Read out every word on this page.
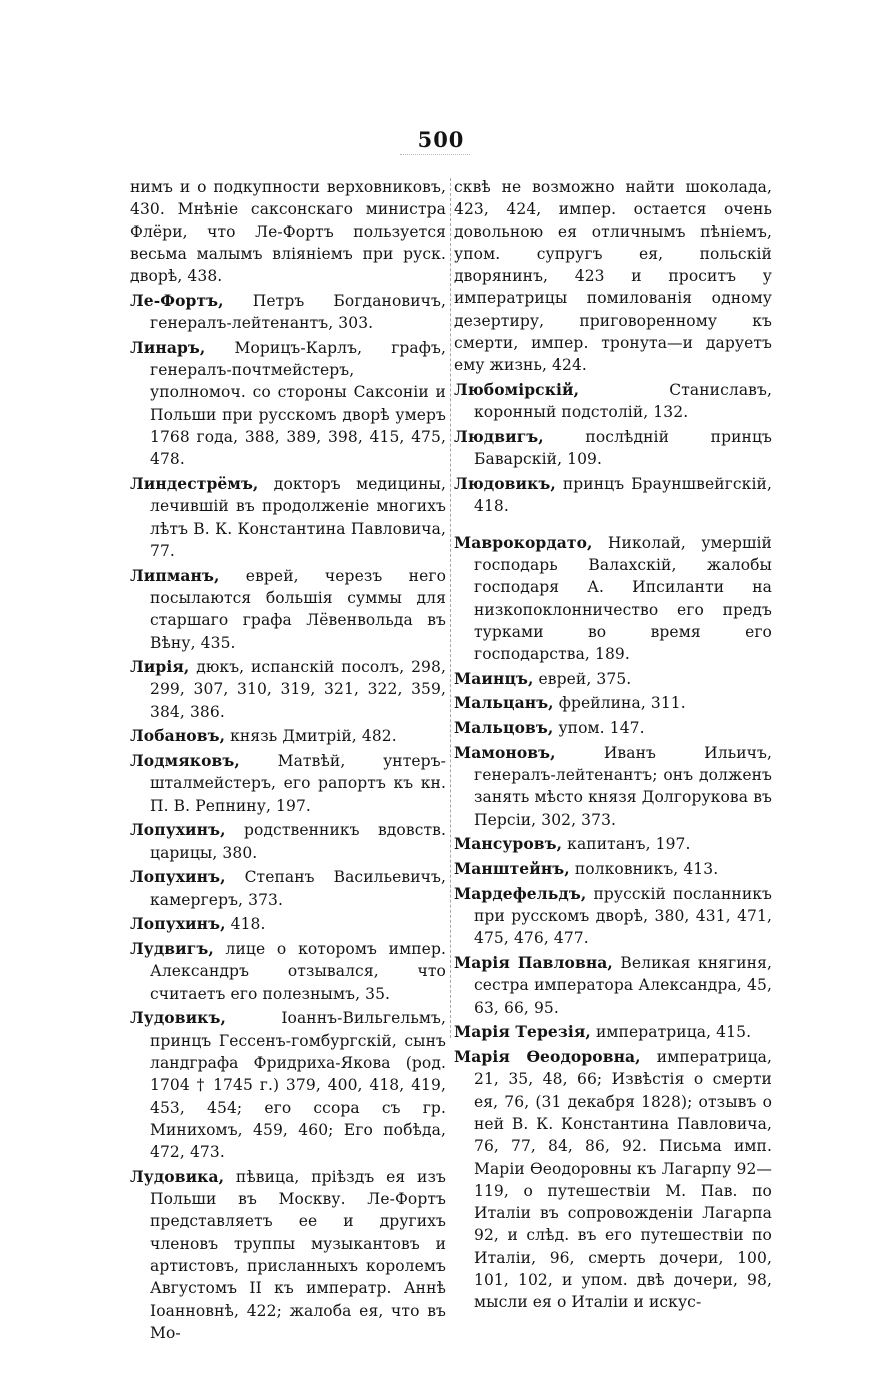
500
нимъ и о подкупности верховниковъ, 430. Мнѣніе саксонскаго министра Флёри, что Ле-Фортъ пользуется весьма малымъ вліяніемъ при руск. дворѣ, 438.
Ле-Фортъ, Петръ Богдановичъ, генералъ-лейтенантъ, 303.
Линаръ, Морицъ-Карлъ, графъ, генералъ-почтмейстеръ, уполномоч. со стороны Саксоніи и Польши при русскомъ дворѣ умеръ 1768 года, 388, 389, 398, 415, 475, 478.
Линдестрёмъ, докторъ медицины, лечившій въ продолженіе многихъ лѣтъ В. К. Константина Павловича, 77.
Липманъ, еврей, черезъ него посылаются большія суммы для старшаго графа Лёвенвольда въ Вѣну, 435.
Лирія, дюкъ, испанскій посолъ, 298, 299, 307, 310, 319, 321, 322, 359, 384, 386.
Лобановъ, князь Дмитрій, 482.
Лодмяковъ, Матвѣй, унтеръ-шталмейстеръ, его рапортъ къ кн. П. В. Репнину, 197.
Лопухинъ, родственникъ вдовств. царицы, 380.
Лопухинъ, Степанъ Васильевичъ, камергеръ, 373.
Лопухинъ, 418.
Лудвигъ, лице о которомъ импер. Александръ отзывался, что считаетъ его полезнымъ, 35.
Лудовикъ,	Іоаннъ-Вильгельмъ, принцъ Гессенъ-гомбургскій, сынъ ландграфа Фридриха-Якова (род. 1704 † 1745 г.) 379, 400, 418, 419, 453, 454; его ссора съ гр. Минихомъ, 459, 460; Его побѣда, 472, 473.
Лудовика, пѣвица, пріѣздъ ея изъ Польши въ Москву. Ле-Фортъ представляетъ ее и другихъ членовъ труппы музыкантовъ и артистовъ, присланныхъ королемъ Августомъ II къ императр. Аннѣ Іоанновнѣ, 422; жалоба ея, что въ Мо-
сквѣ не возможно найти шоколада, 423, 424, импер. остается очень довольною ея отличнымъ пѣніемъ, упом. супругъ ея, польскій дворянинъ, 423 и проситъ у императрицы помилованія одному дезертиру, приговоренному къ смерти, импер. тронута—и даруетъ ему жизнь, 424.
Любомірскій,	Станиславъ, коронный подстолій, 132.
Людвигъ,	послѣдній принцъ Баварскій, 109.
Людовикъ, принцъ Брауншвейгскій, 418.
Маврокордато, Николай, умершій господарь Валахскій, жалобы господаря А. Ипсиланти на низкопоклонничество его предъ турками во время его господарства, 189.
Маинцъ, еврей, 375.
Мальцанъ, фрейлина, 311.
Мальцовъ, упом. 147.
Мамоновъ,	Иванъ Ильичъ, генералъ-лейтенантъ; онъ долженъ занять мѣсто князя Долгорукова въ Персіи, 302, 373.
Мансуровъ, капитанъ, 197.
Манштейнъ, полковникъ, 413.
Мардефельдъ, прусскій посланникъ при русскомъ дворѣ, 380, 431, 471, 475, 476, 477.
Марія Павловна, Великая княгиня, сестра императора Александра, 45, 63, 66, 95.
Марія Терезія, императрица, 415.
Марія Ѳеодоровна, императрица, 21, 35, 48, 66; Извѣстія о смерти ея, 76, (31 декабря 1828); отзывъ о ней В. К. Константина Павловича, 76, 77, 84, 86, 92. Письма имп. Маріи Ѳеодоровны къ Лагарпу 92—119, о путешествіи М. Пав. по Италіи въ сопровожденіи Лагарпа 92, и слѣд. въ его путешествіи по Италіи, 96, смерть дочери, 100, 101, 102, и упом. двѣ дочери, 98, мысли ея о Италіи и искус-
